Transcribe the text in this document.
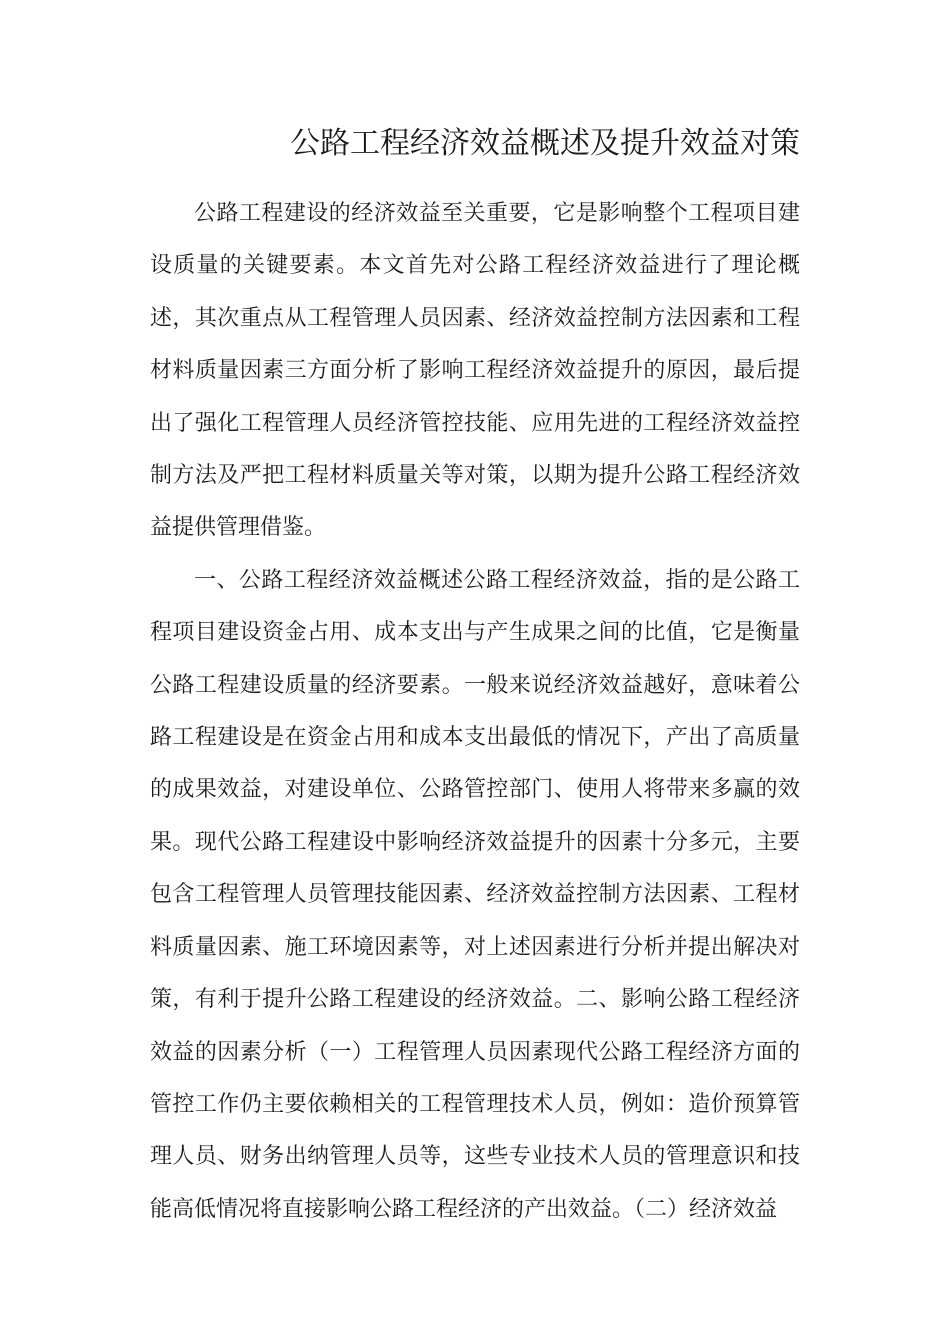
公路工程经济效益概述及提升效益对策

公路工程建设的经济效益至关重要，它是影响整个工程项目建设质量的关键要素。本文首先对公路工程经济效益进行了理论概述，其次重点从工程管理人员因素、经济效益控制方法因素和工程材料质量因素三方面分析了影响工程经济效益提升的原因，最后提出了强化工程管理人员经济管控技能、应用先进的工程经济效益控制方法及严把工程材料质量关等对策，以期为提升公路工程经济效益提供管理借鉴。

一、公路工程经济效益概述公路工程经济效益，指的是公路工程项目建设资金占用、成本支出与产生成果之间的比值，它是衡量公路工程建设质量的经济要素。一般来说经济效益越好，意味着公路工程建设是在资金占用和成本支出最低的情况下，产出了高质量的成果效益，对建设单位、公路管控部门、使用人将带来多赢的效果。现代公路工程建设中影响经济效益提升的因素十分多元，主要包含工程管理人员管理技能因素、经济效益控制方法因素、工程材料质量因素、施工环境因素等，对上述因素进行分析并提出解决对策，有利于提升公路工程建设的经济效益。二、影响公路工程经济效益的因素分析（一）工程管理人员因素现代公路工程经济方面的管控工作仍主要依赖相关的工程管理技术人员，例如：造价预算管理人员、财务出纳管理人员等，这些专业技术人员的管理意识和技能高低情况将直接影响公路工程经济的产出效益。（二）经济效益
